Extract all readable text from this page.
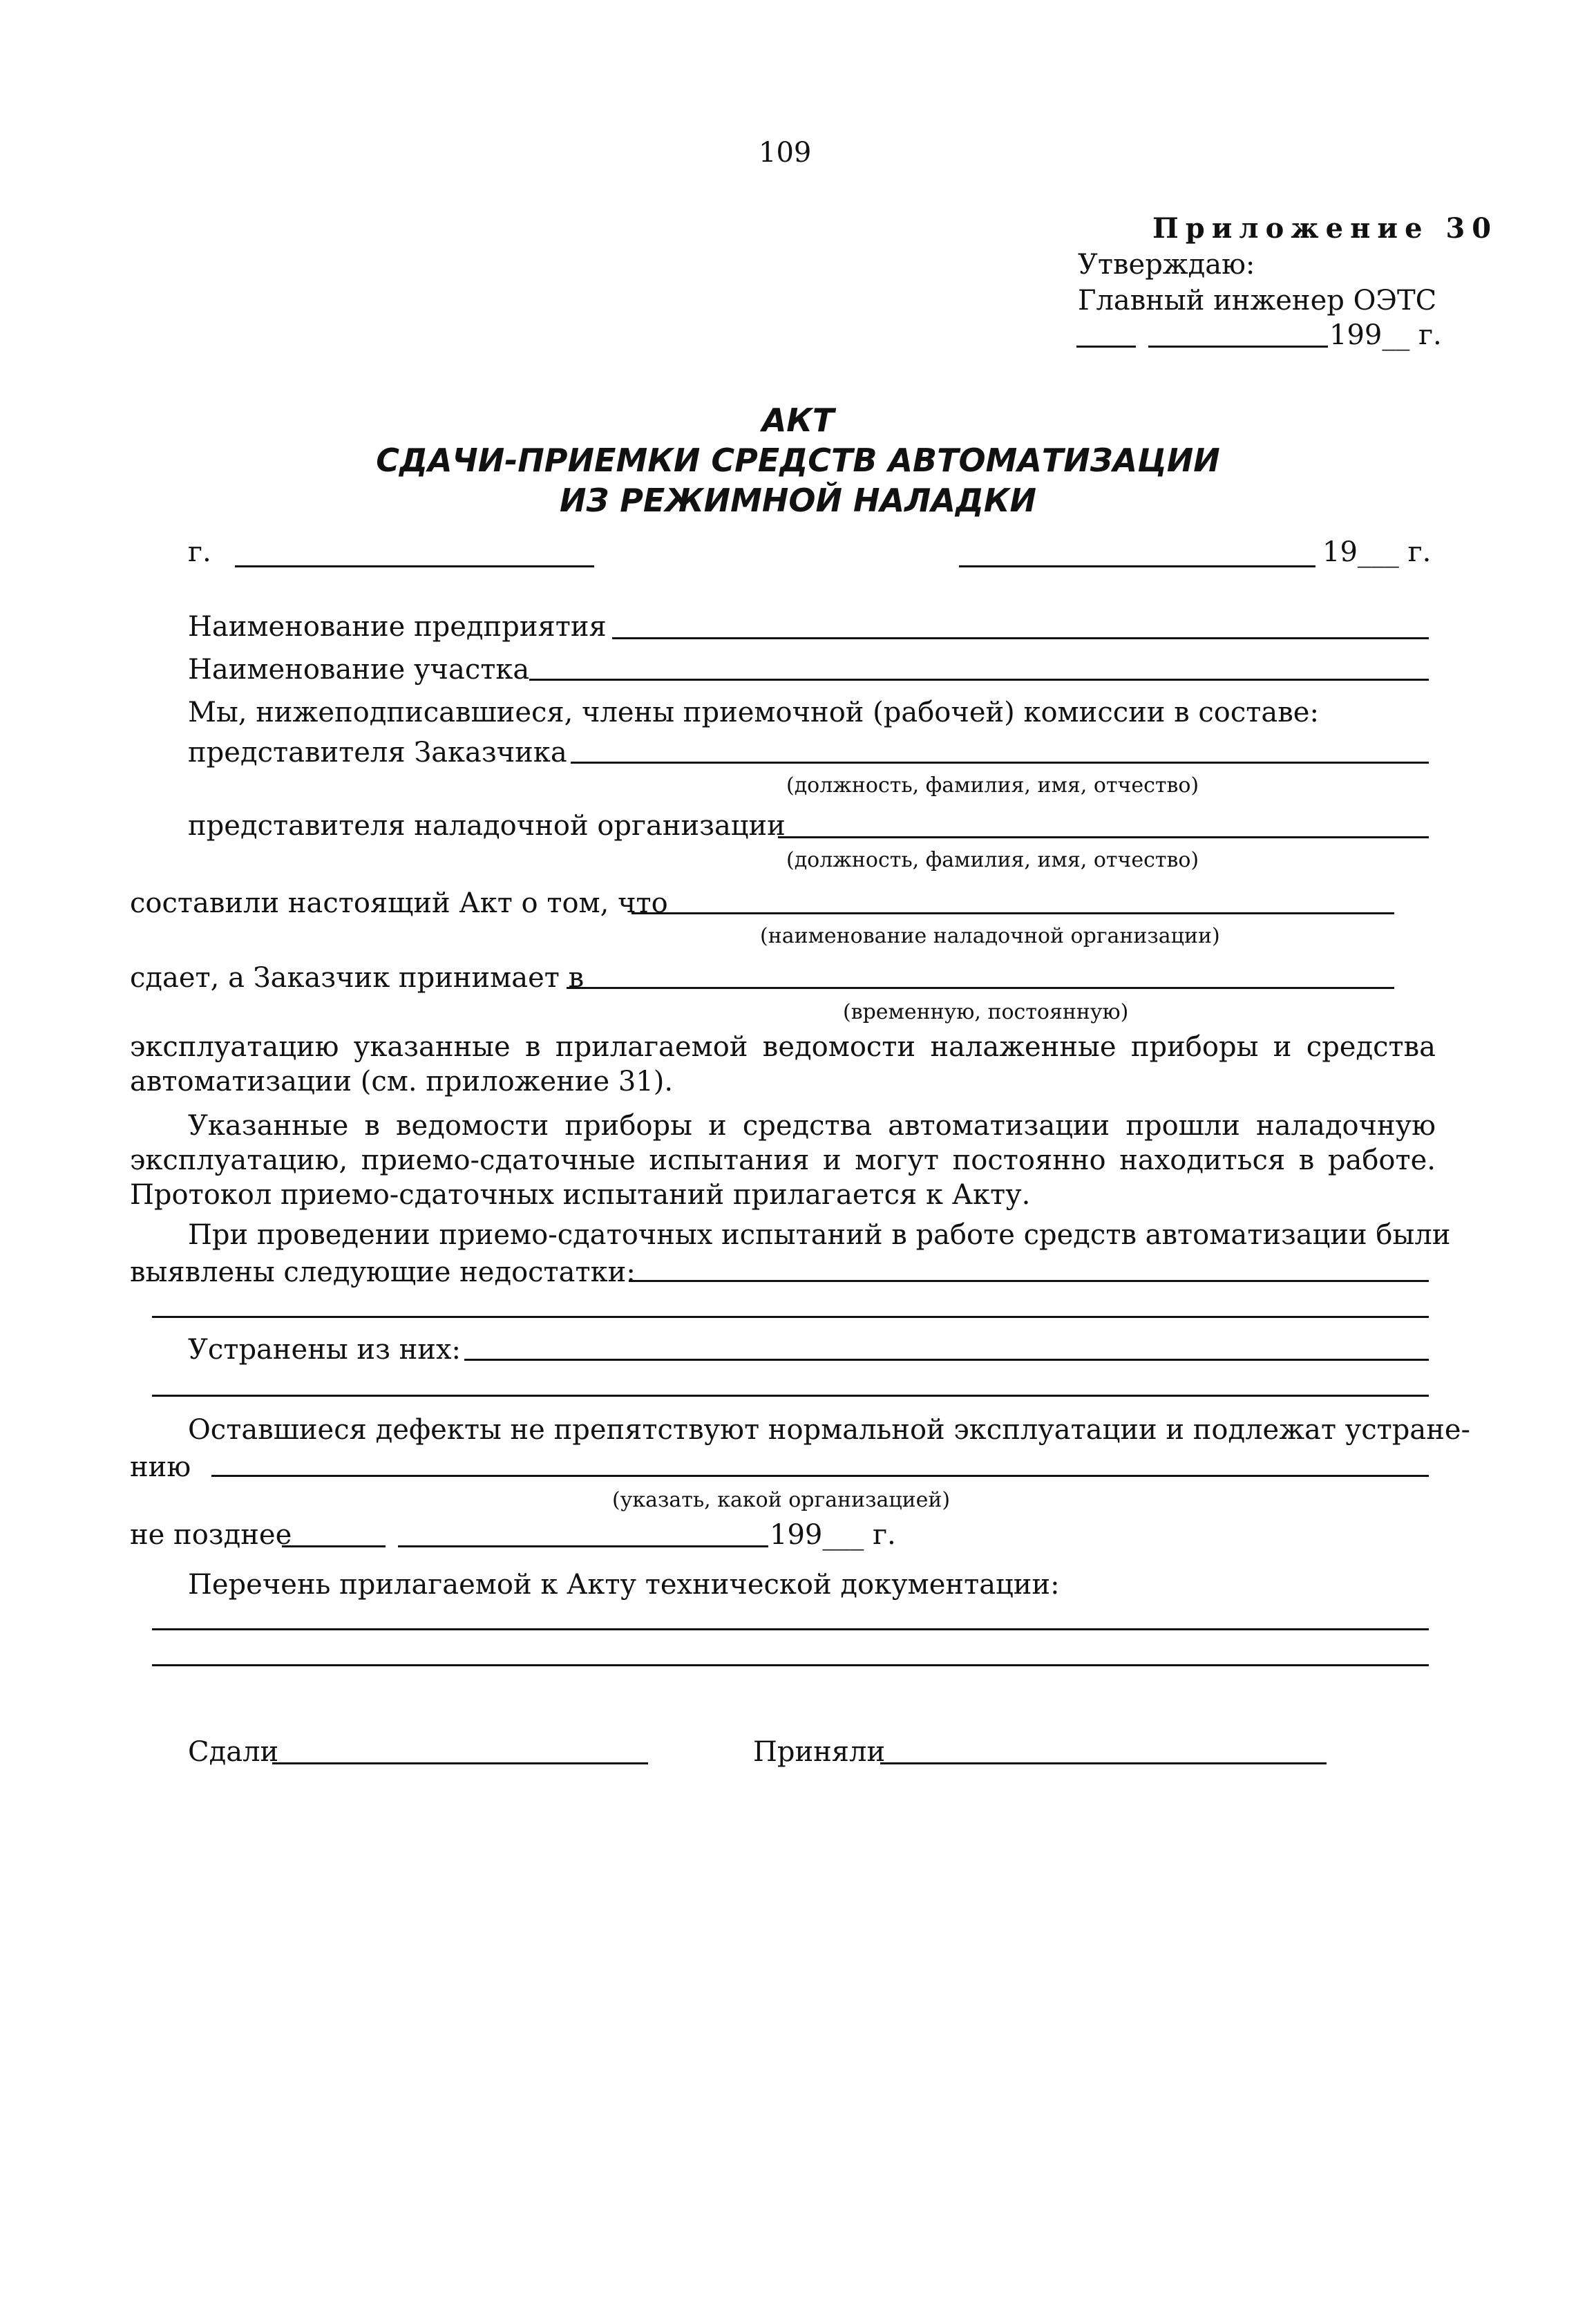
109
Приложение 30
Утверждаю:
Главный инженер ОЭТС
199__ г.
АКТ
СДАЧИ-ПРИЕМКИ СРЕДСТВ АВТОМАТИЗАЦИИ
ИЗ РЕЖИМНОЙ НАЛАДКИ
г.	19___ г.
Наименование предприятия
Наименование участка
Мы, нижеподписавшиеся, члены приемочной (рабочей) комиссии в составе:
представителя Заказчика
(должность, фамилия, имя, отчество)
представителя наладочной организации
(должность, фамилия, имя, отчество)
составили настоящий Акт о том, что
(наименование наладочной организации)
сдает, а Заказчик принимает в
(временную, постоянную)
эксплуатацию указанные в прилагаемой ведомости налаженные приборы и средства автоматизации (см. приложение 31).
Указанные в ведомости приборы и средства автоматизации прошли наладочную эксплуатацию, приемо-сдаточные испытания и могут постоянно находиться в работе. Протокол приемо-сдаточных испытаний прилагается к Акту.
При проведении приемо-сдаточных испытаний в работе средств автоматизации были
выявлены следующие недостатки:
Устранены из них:
Оставшиеся дефекты не препятствуют нормальной эксплуатации и подлежат устране-
нию
(указать, какой организацией)
не позднее	199___ г.
Перечень прилагаемой к Акту технической документации:
Сдали	Приняли
